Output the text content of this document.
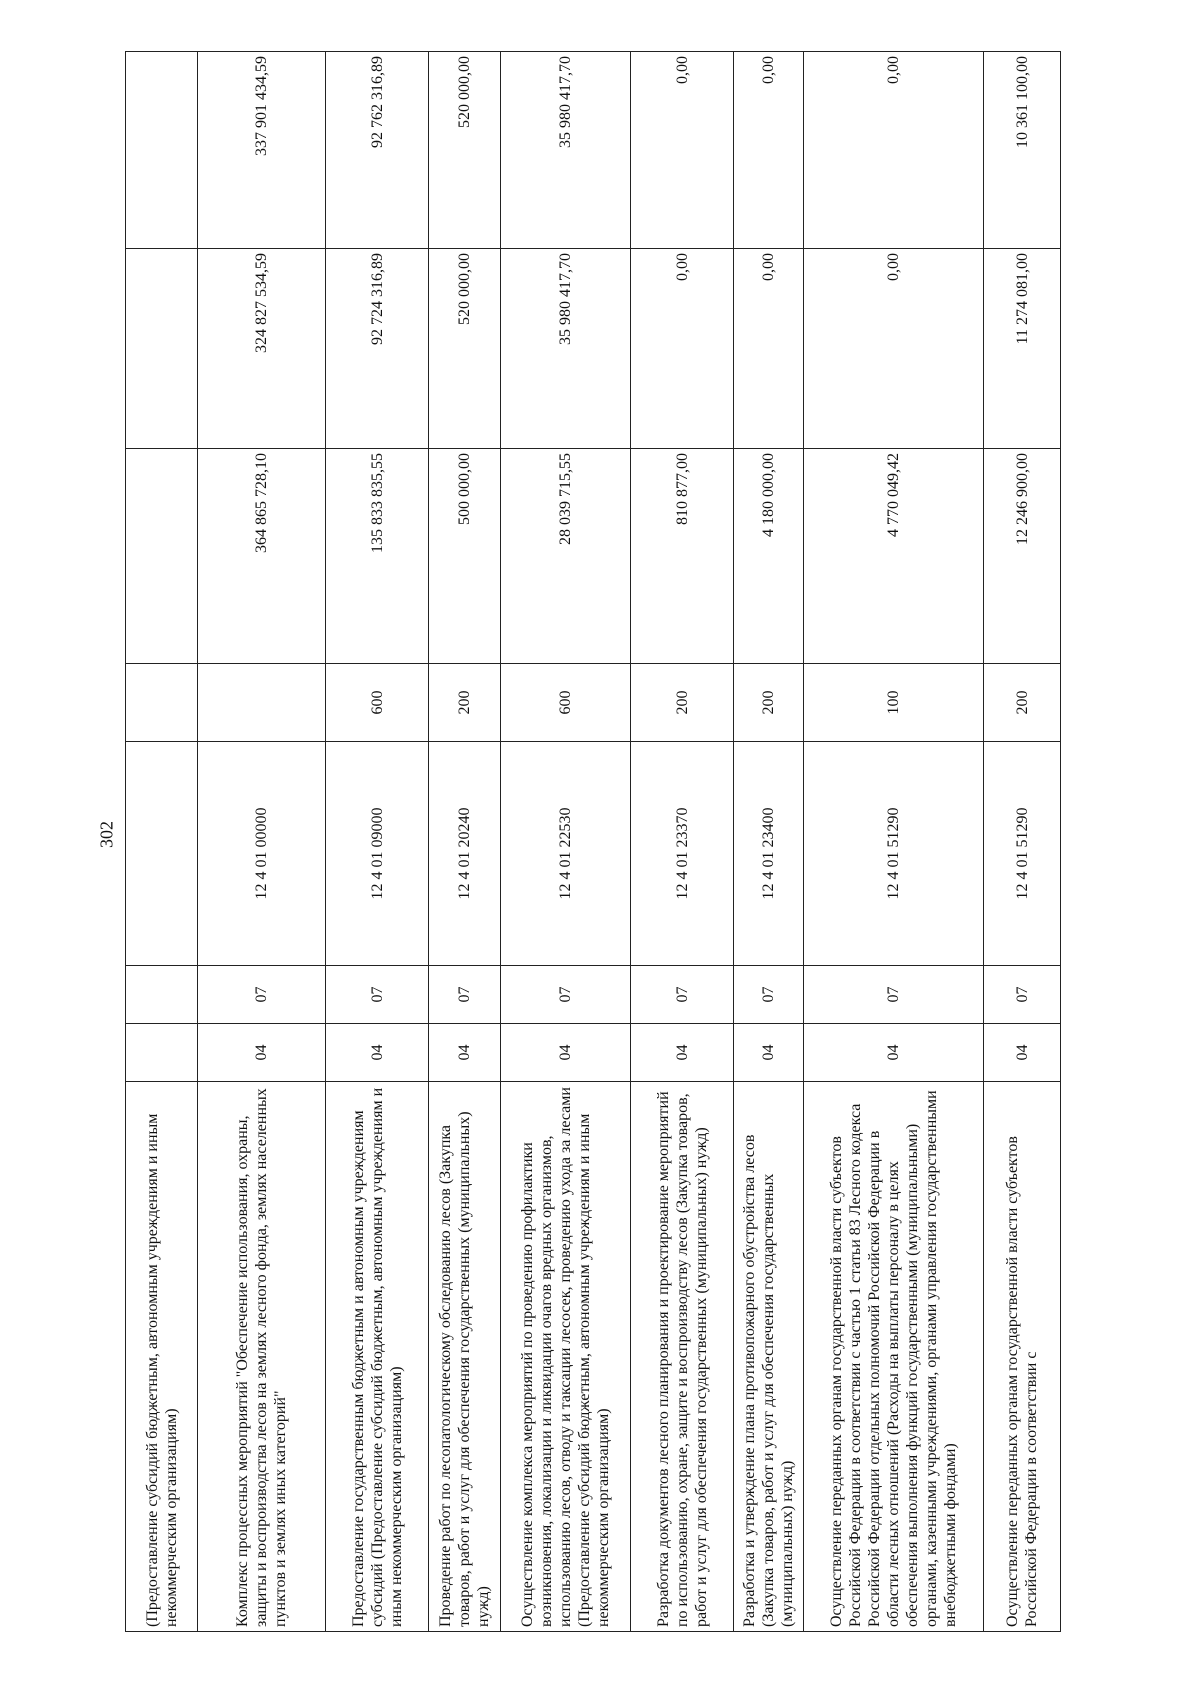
302
(Предоставление субсидий бюджетным, автономным учреждениям и иным некоммерческим организациям)							
Комплекс процессных мероприятий "Обеспечение использования, охраны, защиты и воспроизводства лесов на землях лесного фонда, землях населенных пунктов и землях иных категорий"	04	07	12 4 01 00000		364 865 728,10	324 827 534,59	337 901 434,59
Предоставление государственным бюджетным и автономным учреждениям субсидий (Предоставление субсидий бюджетным, автономным учреждениям и иным некоммерческим организациям)	04	07	12 4 01 09000	600	135 833 835,55	92 724 316,89	92 762 316,89
Проведение работ по лесопатологическому обследованию лесов (Закупка товаров, работ и услуг для обеспечения государственных (муниципальных) нужд)	04	07	12 4 01 20240	200	500 000,00	520 000,00	520 000,00
Осуществление комплекса мероприятий по проведению профилактики возникновения, локализации и ликвидации очагов вредных организмов, использованию лесов, отводу и таксации лесосек, проведению ухода за лесами (Предоставление субсидий бюджетным, автономным учреждениям и иным некоммерческим организациям)	04	07	12 4 01 22530	600	28 039 715,55	35 980 417,70	35 980 417,70
Разработка документов лесного планирования и проектирование мероприятий по использованию, охране, защите и воспроизводству лесов (Закупка товаров, работ и услуг для обеспечения государственных (муниципальных) нужд)	04	07	12 4 01 23370	200	810 877,00	0,00	0,00
Разработка и утверждение плана противопожарного обустройства лесов (Закупка товаров, работ и услуг для обеспечения государственных (муниципальных) нужд)	04	07	12 4 01 23400	200	4 180 000,00	0,00	0,00
Осуществление переданных органам государственной власти субъектов Российской Федерации в соответствии с частью 1 статьи 83 Лесного кодекса Российской Федерации отдельных полномочий Российской Федерации в области лесных отношений (Расходы на выплаты персоналу в целях обеспечения выполнения функций государственными (муниципальными) органами, казенными учреждениями, органами управления государственными внебюджетными фондами)	04	07	12 4 01 51290	100	4 770 049,42	0,00	0,00
Осуществление переданных органам государственной власти субъектов Российской Федерации в соответствии с	04	07	12 4 01 51290	200	12 246 900,00	11 274 081,00	10 361 100,00
